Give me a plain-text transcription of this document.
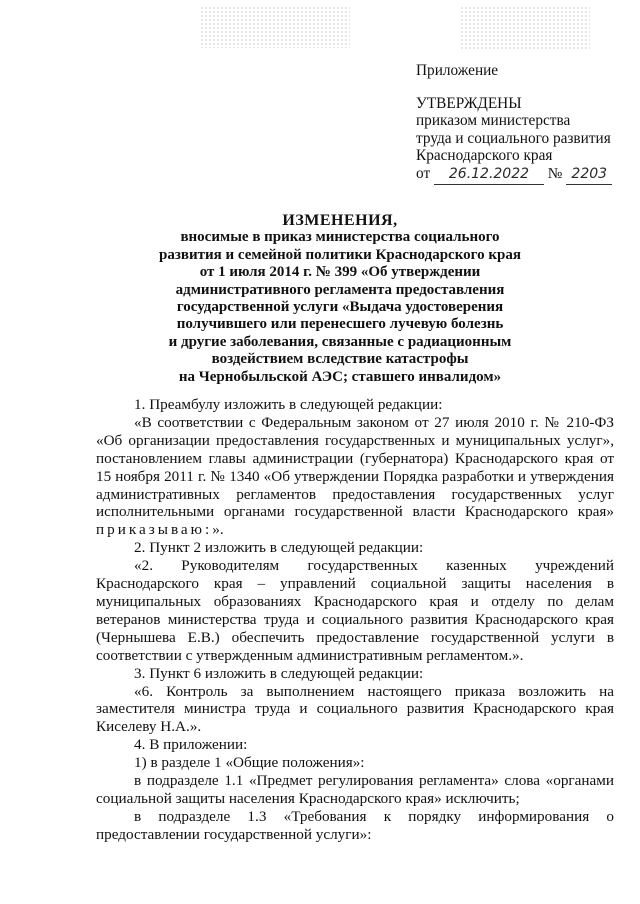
Приложение
УТВЕРЖДЕНЫ
приказом министерства
труда и социального развития
Краснодарского края
от 26.12.2022 № 2203
ИЗМЕНЕНИЯ,
вносимые в приказ министерства социального
развития и семейной политики Краснодарского края
от 1 июля 2014 г. № 399 «Об утверждении
административного регламента предоставления
государственной услуги «Выдача удостоверения
получившего или перенесшего лучевую болезнь
и другие заболевания, связанные с радиационным
воздействием вследствие катастрофы
на Чернобыльской АЭС; ставшего инвалидом»

1. Преамбулу изложить в следующей редакции:

«В соответствии с Федеральным законом от 27 июля 2010 г. № 210-ФЗ «Об организации предоставления государственных и муниципальных услуг», постановлением главы администрации (губернатора) Краснодарского края от 15 ноября 2011 г. № 1340 «Об утверждении Порядка разработки и утверждения административных регламентов предоставления государственных услуг исполнительными органами государственной власти Краснодарского края» приказываю:».

2. Пункт 2 изложить в следующей редакции:

«2. Руководителям государственных казенных учреждений Краснодарского края – управлений социальной защиты населения в муниципальных образованиях Краснодарского края и отделу по делам ветеранов министерства труда и социального развития Краснодарского края (Чернышева Е.В.) обеспечить предоставление государственной услуги в соответствии с утвержденным административным регламентом.».

3. Пункт 6 изложить в следующей редакции:

«6. Контроль за выполнением настоящего приказа возложить на заместителя министра труда и социального развития Краснодарского края Киселеву Н.А.».

4. В приложении:

1) в разделе 1 «Общие положения»:

в подразделе 1.1 «Предмет регулирования регламента» слова «органами социальной защиты населения Краснодарского края» исключить;

в подразделе 1.3 «Требования к порядку информирования о предоставлении государственной услуги»:
